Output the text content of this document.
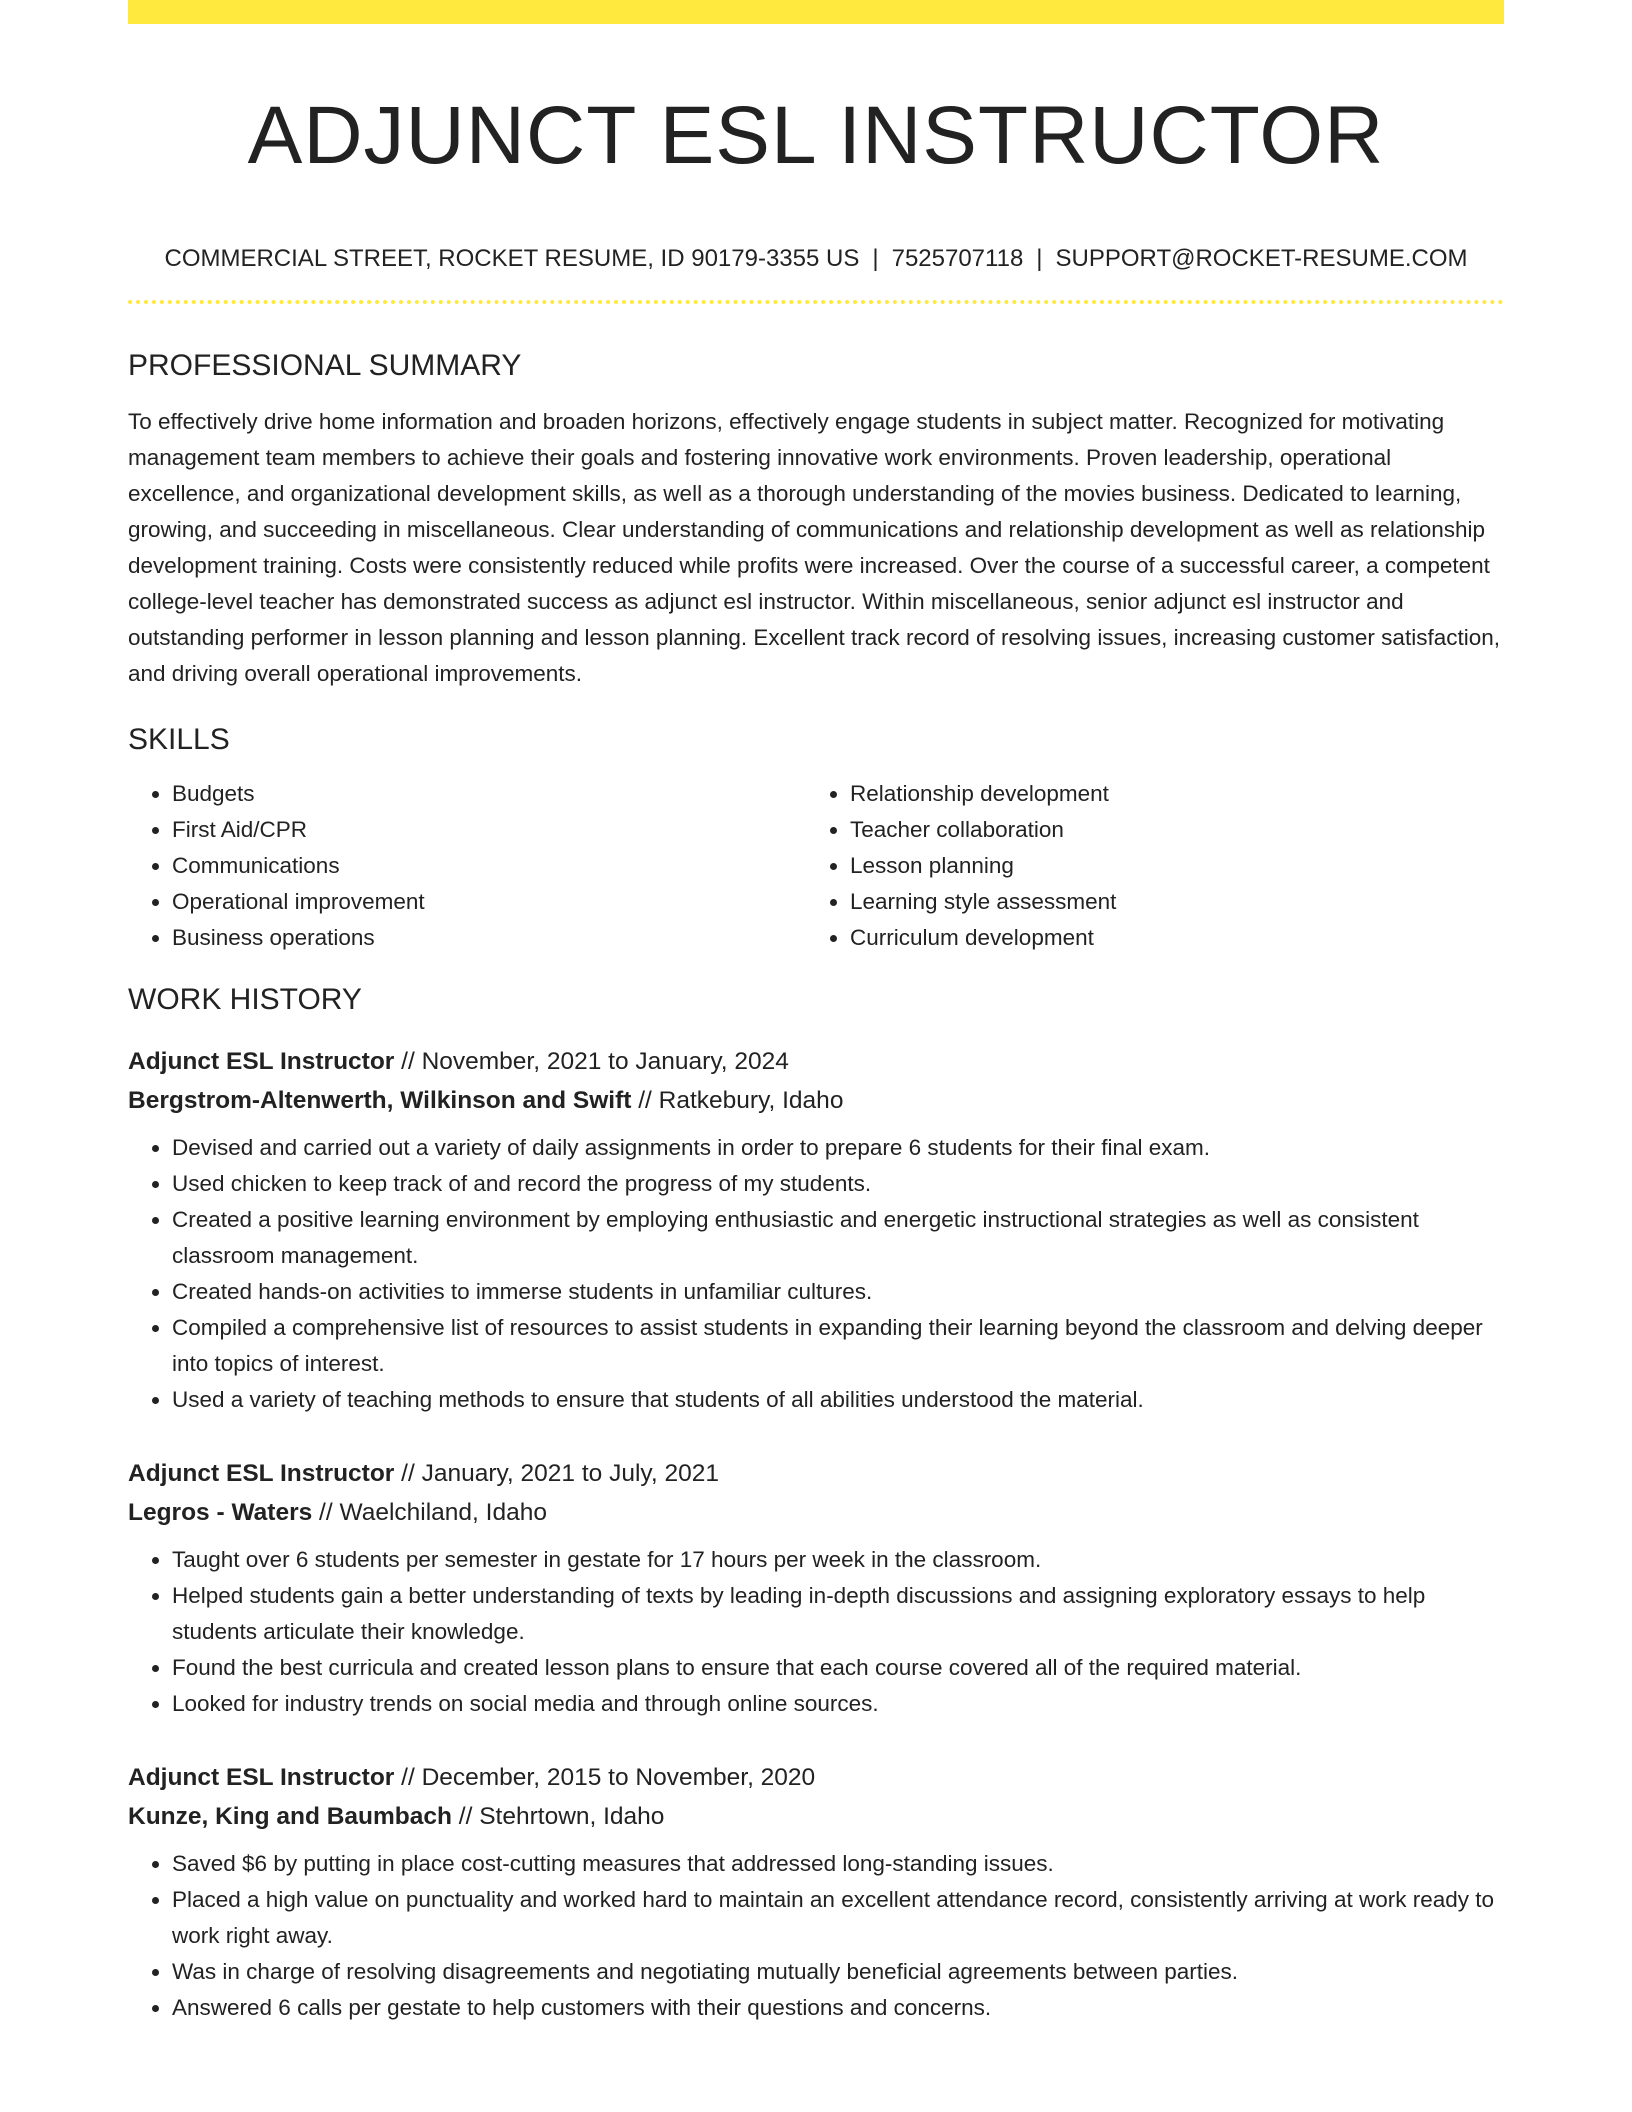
ADJUNCT ESL INSTRUCTOR
COMMERCIAL STREET, ROCKET RESUME, ID 90179-3355 US | 7525707118 | SUPPORT@ROCKET-RESUME.COM
PROFESSIONAL SUMMARY

To effectively drive home information and broaden horizons, effectively engage students in subject matter. Recognized for motivating management team members to achieve their goals and fostering innovative work environments. Proven leadership, operational excellence, and organizational development skills, as well as a thorough understanding of the movies business. Dedicated to learning, growing, and succeeding in miscellaneous. Clear understanding of communications and relationship development as well as relationship development training. Costs were consistently reduced while profits were increased. Over the course of a successful career, a competent college-level teacher has demonstrated success as adjunct esl instructor. Within miscellaneous, senior adjunct esl instructor and outstanding performer in lesson planning and lesson planning. Excellent track record of resolving issues, increasing customer satisfaction, and driving overall operational improvements.

SKILLS
• Budgets
• First Aid/CPR
• Communications
• Operational improvement
• Business operations
• Relationship development
• Teacher collaboration
• Lesson planning
• Learning style assessment
• Curriculum development
WORK HISTORY
Adjunct ESL Instructor // November, 2021 to January, 2024
Bergstrom-Altenwerth, Wilkinson and Swift // Ratkebury, Idaho
• Devised and carried out a variety of daily assignments in order to prepare 6 students for their final exam.
• Used chicken to keep track of and record the progress of my students.
• Created a positive learning environment by employing enthusiastic and energetic instructional strategies as well as consistent classroom management.
• Created hands-on activities to immerse students in unfamiliar cultures.
• Compiled a comprehensive list of resources to assist students in expanding their learning beyond the classroom and delving deeper into topics of interest.
• Used a variety of teaching methods to ensure that students of all abilities understood the material.
Adjunct ESL Instructor // January, 2021 to July, 2021
Legros - Waters // Waelchiland, Idaho
• Taught over 6 students per semester in gestate for 17 hours per week in the classroom.
• Helped students gain a better understanding of texts by leading in-depth discussions and assigning exploratory essays to help students articulate their knowledge.
• Found the best curricula and created lesson plans to ensure that each course covered all of the required material.
• Looked for industry trends on social media and through online sources.
Adjunct ESL Instructor // December, 2015 to November, 2020
Kunze, King and Baumbach // Stehrtown, Idaho
• Saved $6 by putting in place cost-cutting measures that addressed long-standing issues.
• Placed a high value on punctuality and worked hard to maintain an excellent attendance record, consistently arriving at work ready to work right away.
• Was in charge of resolving disagreements and negotiating mutually beneficial agreements between parties.
• Answered 6 calls per gestate to help customers with their questions and concerns.
